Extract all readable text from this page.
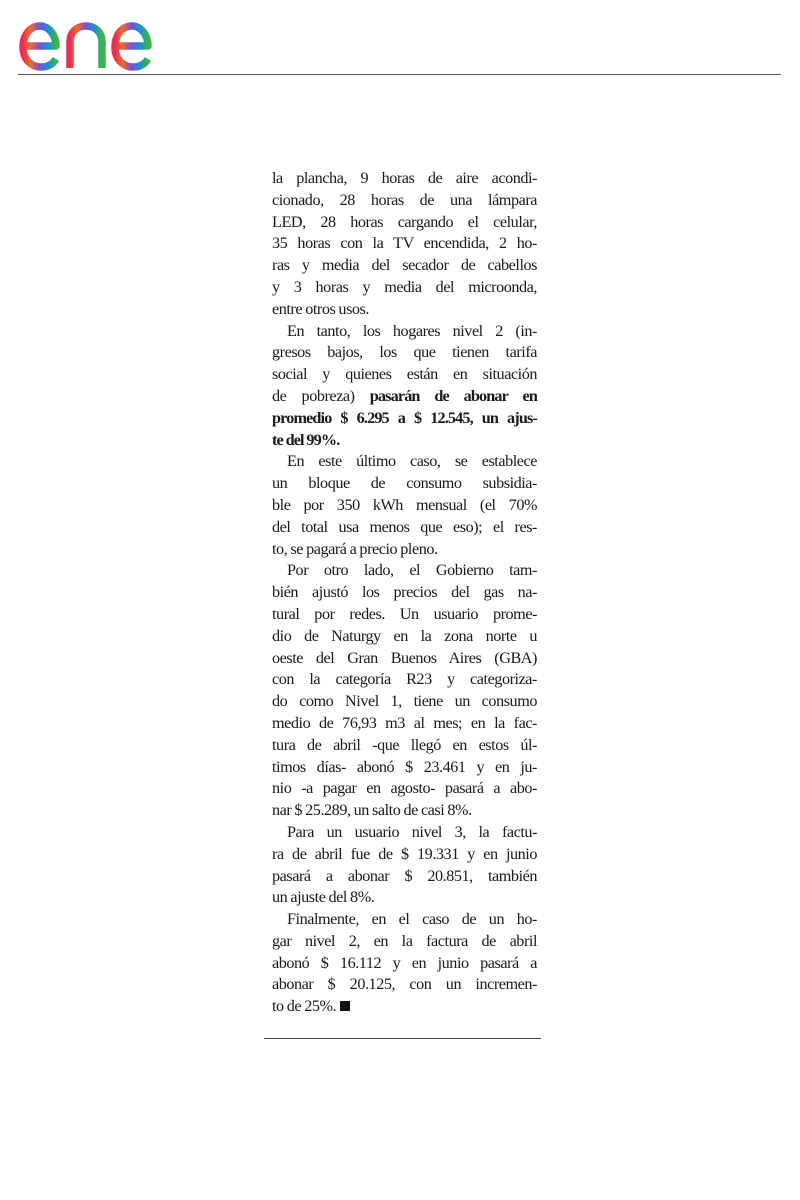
la plancha, 9 horas de aire acondi-
cionado, 28 horas de una lámpara
LED, 28 horas cargando el celular,
35 horas con la TV encendida, 2 ho-
ras y media del secador de cabellos
y 3 horas y media del microonda,
entre otros usos.
En tanto, los hogares nivel 2 (in-
gresos bajos, los que tienen tarifa
social y quienes están en situación
de pobreza) pasarán de abonar en
promedio $ 6.295 a $ 12.545, un ajus-
te del 99%.
En este último caso, se establece
un bloque de consumo subsidia-
ble por 350 kWh mensual (el 70%
del total usa menos que eso); el res-
to, se pagará a precio pleno.
Por otro lado, el Gobierno tam-
bién ajustó los precios del gas na-
tural por redes. Un usuario prome-
dio de Naturgy en la zona norte u
oeste del Gran Buenos Aires (GBA)
con la categoría R23 y categoriza-
do como Nivel 1, tiene un consumo
medio de 76,93 m3 al mes; en la fac-
tura de abril -que llegó en estos úl-
timos días- abonó $ 23.461 y en ju-
nio -a pagar en agosto- pasará a abo-
nar $ 25.289, un salto de casi 8%.
Para un usuario nivel 3, la factu-
ra de abril fue de $ 19.331 y en junio
pasará a abonar $ 20.851, también
un ajuste del 8%.
Finalmente, en el caso de un ho-
gar nivel 2, en la factura de abril
abonó $ 16.112 y en junio pasará a
abonar $ 20.125, con un incremen-
to de 25%.
